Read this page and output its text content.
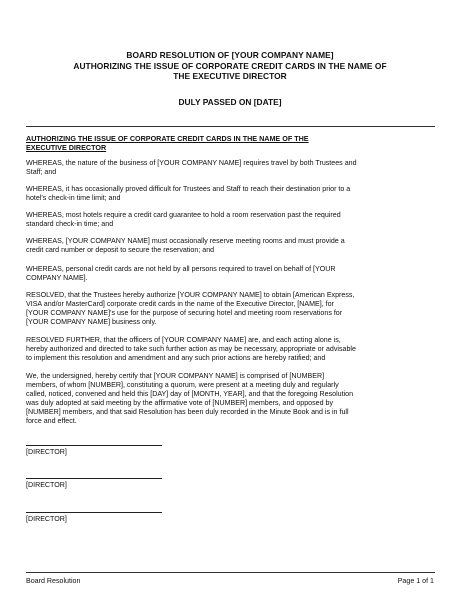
BOARD RESOLUTION OF [YOUR COMPANY NAME]
AUTHORIZING THE ISSUE OF CORPORATE CREDIT CARDS IN THE NAME OF
THE EXECUTIVE DIRECTOR
DULY PASSED ON [DATE]
AUTHORIZING THE ISSUE OF CORPORATE CREDIT CARDS IN THE NAME OF THE
EXECUTIVE DIRECTOR
WHEREAS, the nature of the business of [YOUR COMPANY NAME] requires travel by both Trustees and
Staff; and
WHEREAS, it has occasionally proved difficult for Trustees and Staff to reach their destination prior to a
hotel's check-in time limit; and
WHEREAS, most hotels require a credit card guarantee to hold a room reservation past the required
standard check-in time; and
WHEREAS, [YOUR COMPANY NAME] must occasionally reserve meeting rooms and must provide a
credit card number or deposit to secure the reservation; and
WHEREAS, personal credit cards are not held by all persons required to travel on behalf of [YOUR
COMPANY NAME].
RESOLVED, that the Trustees hereby authorize [YOUR COMPANY NAME] to obtain [American Express,
VISA and/or MasterCard] corporate credit cards in the name of the Executive Director, [NAME], for
[YOUR COMPANY NAME]'s use for the purpose of securing hotel and meeting room reservations for
[YOUR COMPANY NAME] business only.
RESOLVED FURTHER, that the officers of [YOUR COMPANY NAME] are, and each acting alone is,
hereby authorized and directed to take such further action as may be necessary, appropriate or advisable
to implement this resolution and amendment and any such prior actions are hereby ratified; and
We, the undersigned, hereby certify that [YOUR COMPANY NAME] is comprised of [NUMBER]
members, of whom [NUMBER], constituting a quorum, were present at a meeting duly and regularly
called, noticed, convened and held this [DAY] day of [MONTH, YEAR], and that the foregoing Resolution
was duly adopted at said meeting by the affirmative vote of [NUMBER] members, and opposed by
[NUMBER] members, and that said Resolution has been duly recorded in the Minute Book and is in full
force and effect.
[DIRECTOR]
[DIRECTOR]
[DIRECTOR]
Board Resolution	Page 1 of 1
